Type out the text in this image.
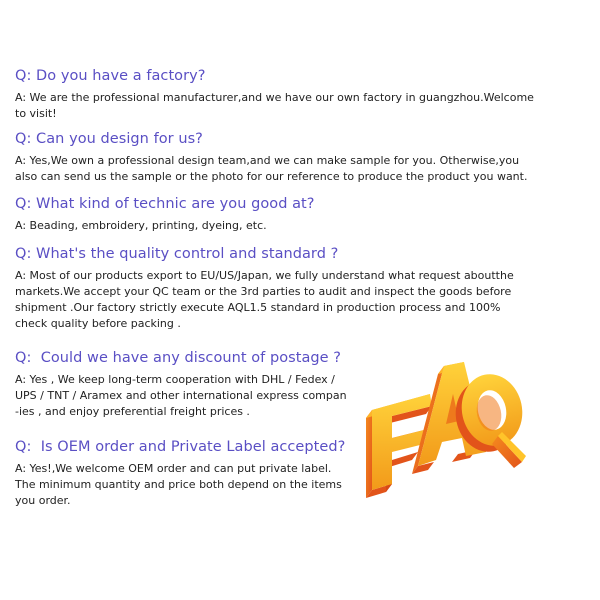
Q: Do you have a factory?
A: We are the professional manufacturer,and we have our own factory in guangzhou.Welcome
to visit!
Q: Can you design for us?
A: Yes,We own a professional design team,and we can make sample for you. Otherwise,you
also can send us the sample or the photo for our reference to produce the product you want.
Q: What kind of technic are you good at?
A: Beading, embroidery, printing, dyeing, etc.
Q: What's the quality control and standard ?
A: Most of our products export to EU/US/Japan, we fully understand what request aboutthe
markets.We accept your QC team or the 3rd parties to audit and inspect the goods before
shipment .Our factory strictly execute AQL1.5 standard in production process and 100%
check quality before packing .
Q:  Could we have any discount of postage ?
A: Yes , We keep long-term cooperation with DHL / Fedex /
UPS / TNT / Aramex and other international express compan
-ies , and enjoy preferential freight prices .
Q:  Is OEM order and Private Label accepted?
A: Yes!,We welcome OEM order and can put private label.
The minimum quantity and price both depend on the items
you order.
